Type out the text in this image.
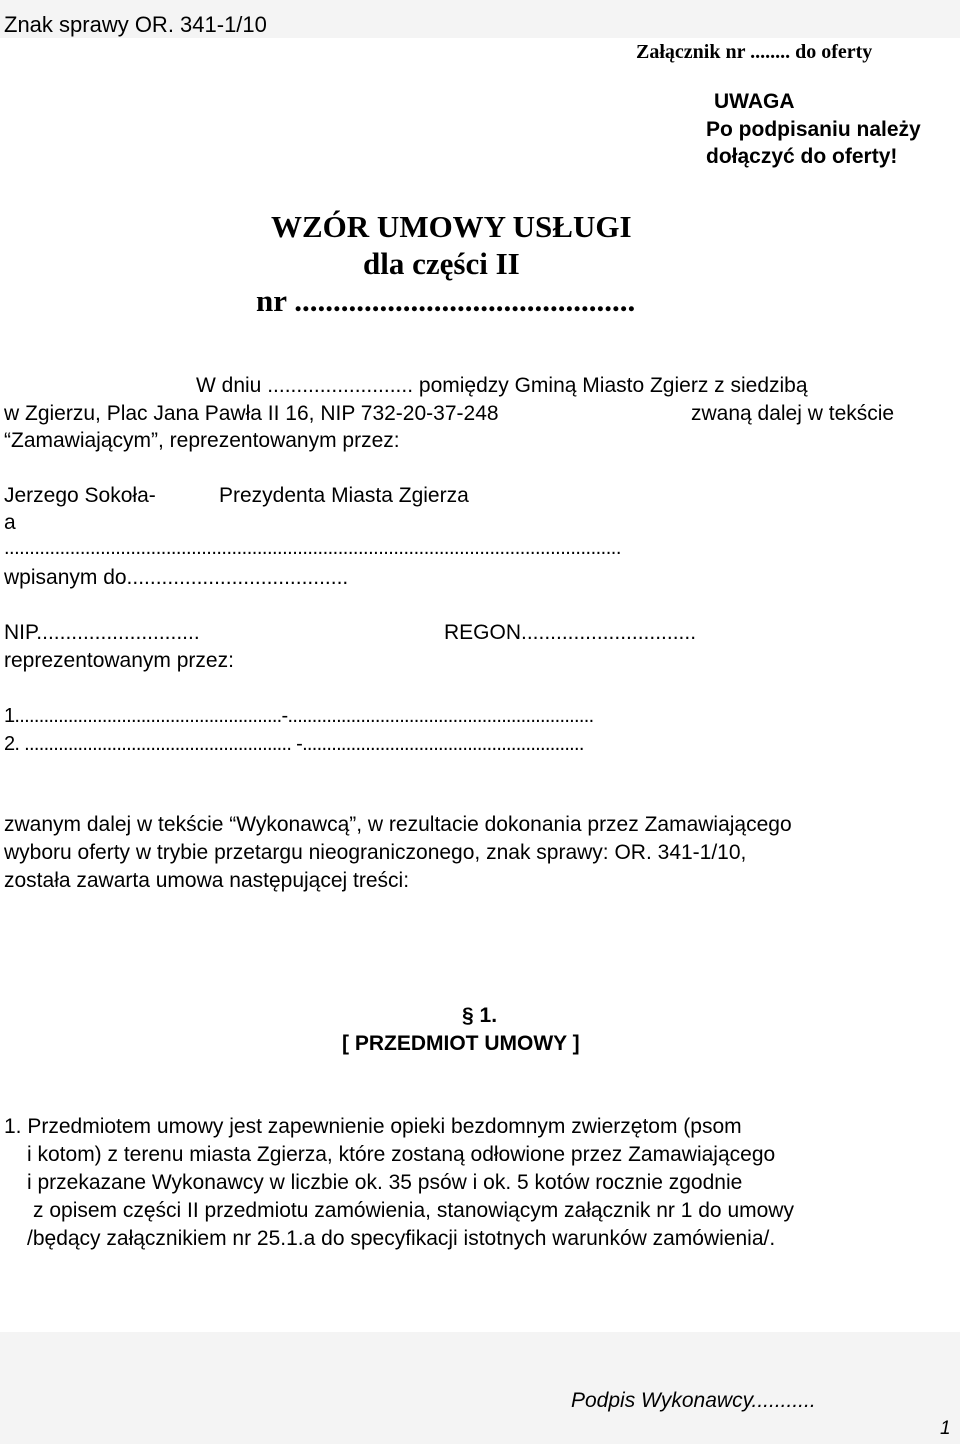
Znak sprawy OR. 341-1/10
Załącznik nr ........ do oferty
UWAGA
Po podpisaniu należy
dołączyć do oferty!
WZÓR UMOWY USŁUGI
dla części II
nr ............................................
W dniu ......................... pomiędzy Gminą Miasto Zgierz z siedzibą
w Zgierzu, Plac Jana Pawła II 16, NIP 732-20-37-248	zwaną dalej w tekście
“Zamawiającym”, reprezentowanym przez:
Jerzego Sokoła-
a
Prezydenta Miasta Zgierza
..........................................................................................................................
wpisanym do......................................
NIP............................	REGON..............................
reprezentowanym przez:
1.......................................................-...............................................................
2. ....................................................... -..........................................................
zwanym dalej w tekście “Wykonawcą”, w rezultacie dokonania przez Zamawiającego
wyboru oferty w trybie przetargu nieograniczonego, znak sprawy: OR. 341-1/10,
została zawarta umowa następującej treści:
§ 1.
[ PRZEDMIOT UMOWY ]
1. Przedmiotem umowy jest zapewnienie opieki bezdomnym zwierzętom (psom
i kotom) z terenu miasta Zgierza, które zostaną odłowione przez Zamawiającego
i przekazane Wykonawcy w liczbie ok. 35 psów i ok. 5 kotów rocznie zgodnie
z opisem części II przedmiotu zamówienia, stanowiącym załącznik nr 1 do umowy
/będący załącznikiem nr 25.1.a do specyfikacji istotnych warunków zamówienia/.
Podpis Wykonawcy...........
1
